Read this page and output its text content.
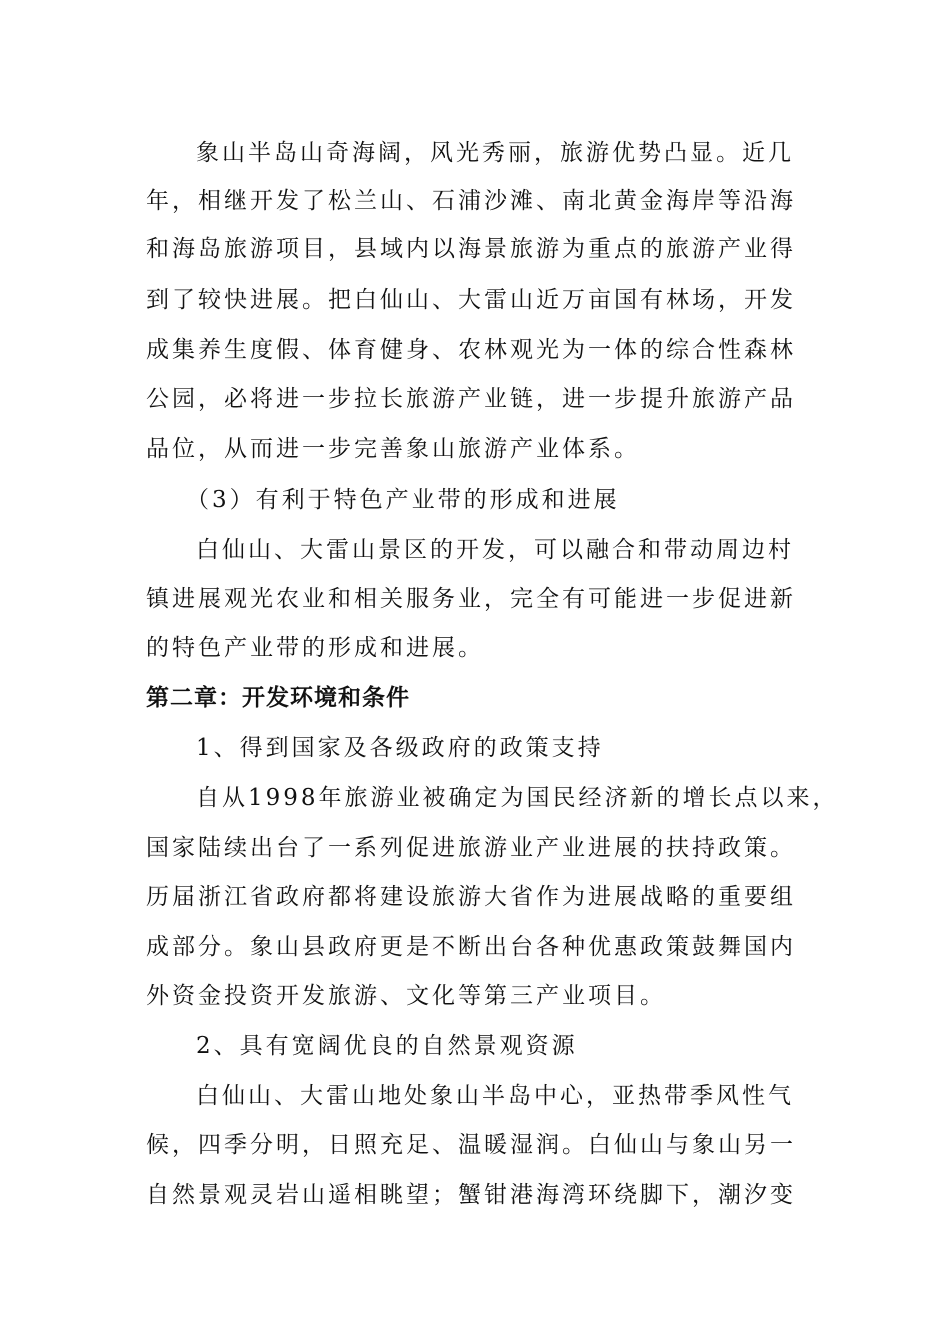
象山半岛山奇海阔，风光秀丽，旅游优势凸显。近几
年，相继开发了松兰山、石浦沙滩、南北黄金海岸等沿海
和海岛旅游项目，县域内以海景旅游为重点的旅游产业得
到了较快进展。把白仙山、大雷山近万亩国有林场，开发
成集养生度假、体育健身、农林观光为一体的综合性森林
公园，必将进一步拉长旅游产业链，进一步提升旅游产品
品位，从而进一步完善象山旅游产业体系。
（3）有利于特色产业带的形成和进展
白仙山、大雷山景区的开发，可以融合和带动周边村
镇进展观光农业和相关服务业，完全有可能进一步促进新
的特色产业带的形成和进展。
第二章：开发环境和条件
1、得到国家及各级政府的政策支持
自从1998年旅游业被确定为国民经济新的增长点以来，
国家陆续出台了一系列促进旅游业产业进展的扶持政策。
历届浙江省政府都将建设旅游大省作为进展战略的重要组
成部分。象山县政府更是不断出台各种优惠政策鼓舞国内
外资金投资开发旅游、文化等第三产业项目。
2、具有宽阔优良的自然景观资源
白仙山、大雷山地处象山半岛中心，亚热带季风性气
候，四季分明，日照充足、温暖湿润。白仙山与象山另一
自然景观灵岩山遥相眺望；蟹钳港海湾环绕脚下，潮汐变
